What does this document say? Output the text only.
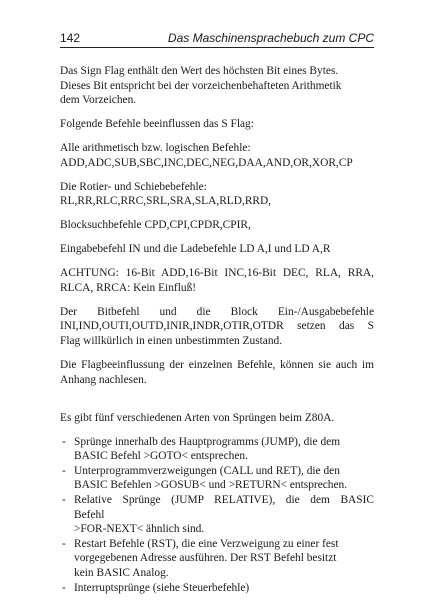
142	Das Maschinensprachebuch zum CPC

Das Sign Flag enthält den Wert des höchsten Bit eines Bytes.
Dieses Bit entspricht bei der vorzeichenbehafteten Arithmetik
dem Vorzeichen.

Folgende Befehle beeinflussen das S Flag:

Alle arithmetisch bzw. logischen Befehle:
ADD,ADC,SUB,SBC,INC,DEC,NEG,DAA,AND,OR,XOR,CP

Die Rotier- und Schiebebefehle:
RL,RR,RLC,RRC,SRL,SRA,SLA,RLD,RRD,

Blocksuchbefehle CPD,CPI,CPDR,CPIR,

Eingabebefehl IN und die Ladebefehle LD A,I und LD A,R

ACHTUNG: 16-Bit ADD,16-Bit INC,16-Bit DEC, RLA, RRA,
RLCA, RRCA: Kein Einfluß!

Der Bitbefehl und die Block Ein-/Ausgabebefehle
INI,IND,OUTI,OUTD,INIR,INDR,OTIR,OTDR setzen das S
Flag willkürlich in einen unbestimmten Zustand.

Die Flagbeeinflussung der einzelnen Befehle, können sie auch im
Anhang nachlesen.

Es gibt fünf verschiedenen Arten von Sprüngen beim Z80A.

- Sprünge innerhalb des Hauptprogramms (JUMP), die dem
BASIC Befehl >GOTO< entsprechen.
- Unterprogrammverzweigungen (CALL und RET), die den
BASIC Befehlen >GOSUB< und >RETURN< entsprechen.
- Relative Sprünge (JUMP RELATIVE), die dem BASIC
Befehl
>FOR-NEXT< ähnlich sind.
- Restart Befehle (RST), die eine Verzweigung zu einer fest
vorgegebenen Adresse ausführen. Der RST Befehl besitzt
kein BASIC Analog.
- Interruptsprünge (siehe Steuerbefehle)
